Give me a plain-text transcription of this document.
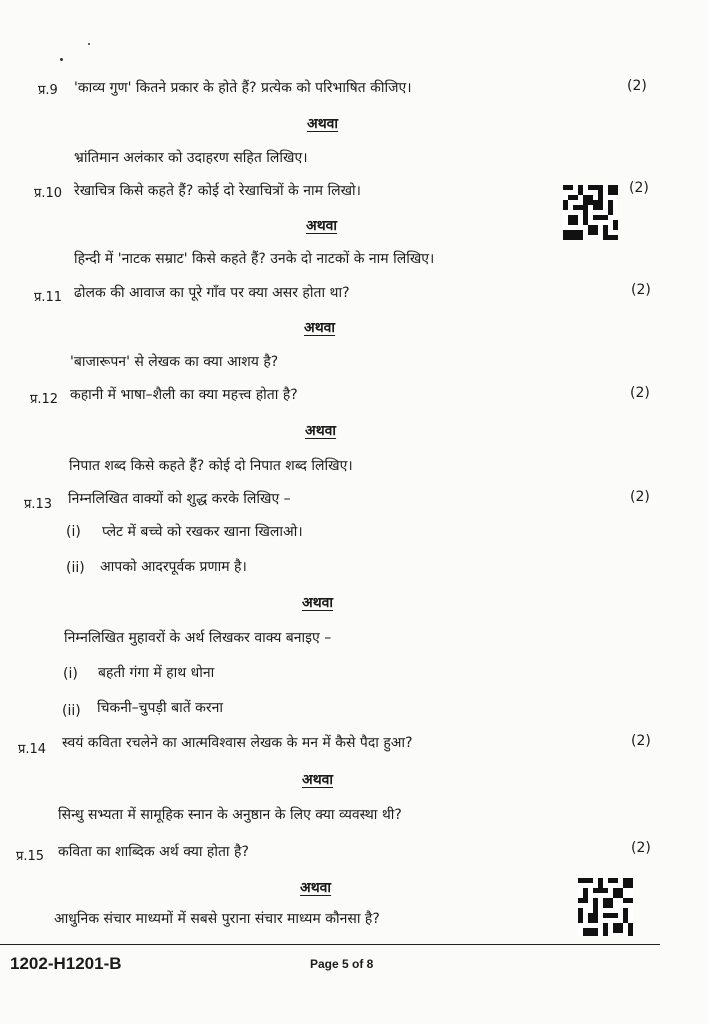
प्र.9 'काव्य गुण' कितने प्रकार के होते हैं? प्रत्येक को परिभाषित कीजिए।	(2)
अथवा
भ्रांतिमान अलंकार को उदाहरण सहित लिखिए।
प्र.10 रेखाचित्र किसे कहते हैं? कोई दो रेखाचित्रों के नाम लिखो।	(2)
अथवा
हिन्दी में 'नाटक सम्राट' किसे कहते हैं? उनके दो नाटकों के नाम लिखिए।
प्र.11 ढोलक की आवाज का पूरे गाँव पर क्या असर होता था?	(2)
अथवा
'बाजारूपन' से लेखक का क्या आशय है?
प्र.12 कहानी में भाषा–शैली का क्या महत्त्व होता है?	(2)
अथवा
निपात शब्द किसे कहते हैं? कोई दो निपात शब्द लिखिए।
प्र.13 निम्नलिखित वाक्यों को शुद्ध करके लिखिए –	(2)
(i) प्लेट में बच्चे को रखकर खाना खिलाओ।
(ii) आपको आदरपूर्वक प्रणाम है।
अथवा
निम्नलिखित मुहावरों के अर्थ लिखकर वाक्य बनाइए –
(i) बहती गंगा में हाथ धोना
(ii) चिकनी–चुपड़ी बातें करना
प्र.14 स्वयं कविता रचलेने का आत्मविश्वास लेखक के मन में कैसे पैदा हुआ?	(2)
अथवा
सिन्धु सभ्यता में सामूहिक स्नान के अनुष्ठान के लिए क्या व्यवस्था थी?
प्र.15 कविता का शाब्दिक अर्थ क्या होता है?	(2)
अथवा
आधुनिक संचार माध्यमों में सबसे पुराना संचार माध्यम कौनसा है?
1202-H1201-B	Page 5 of 8
